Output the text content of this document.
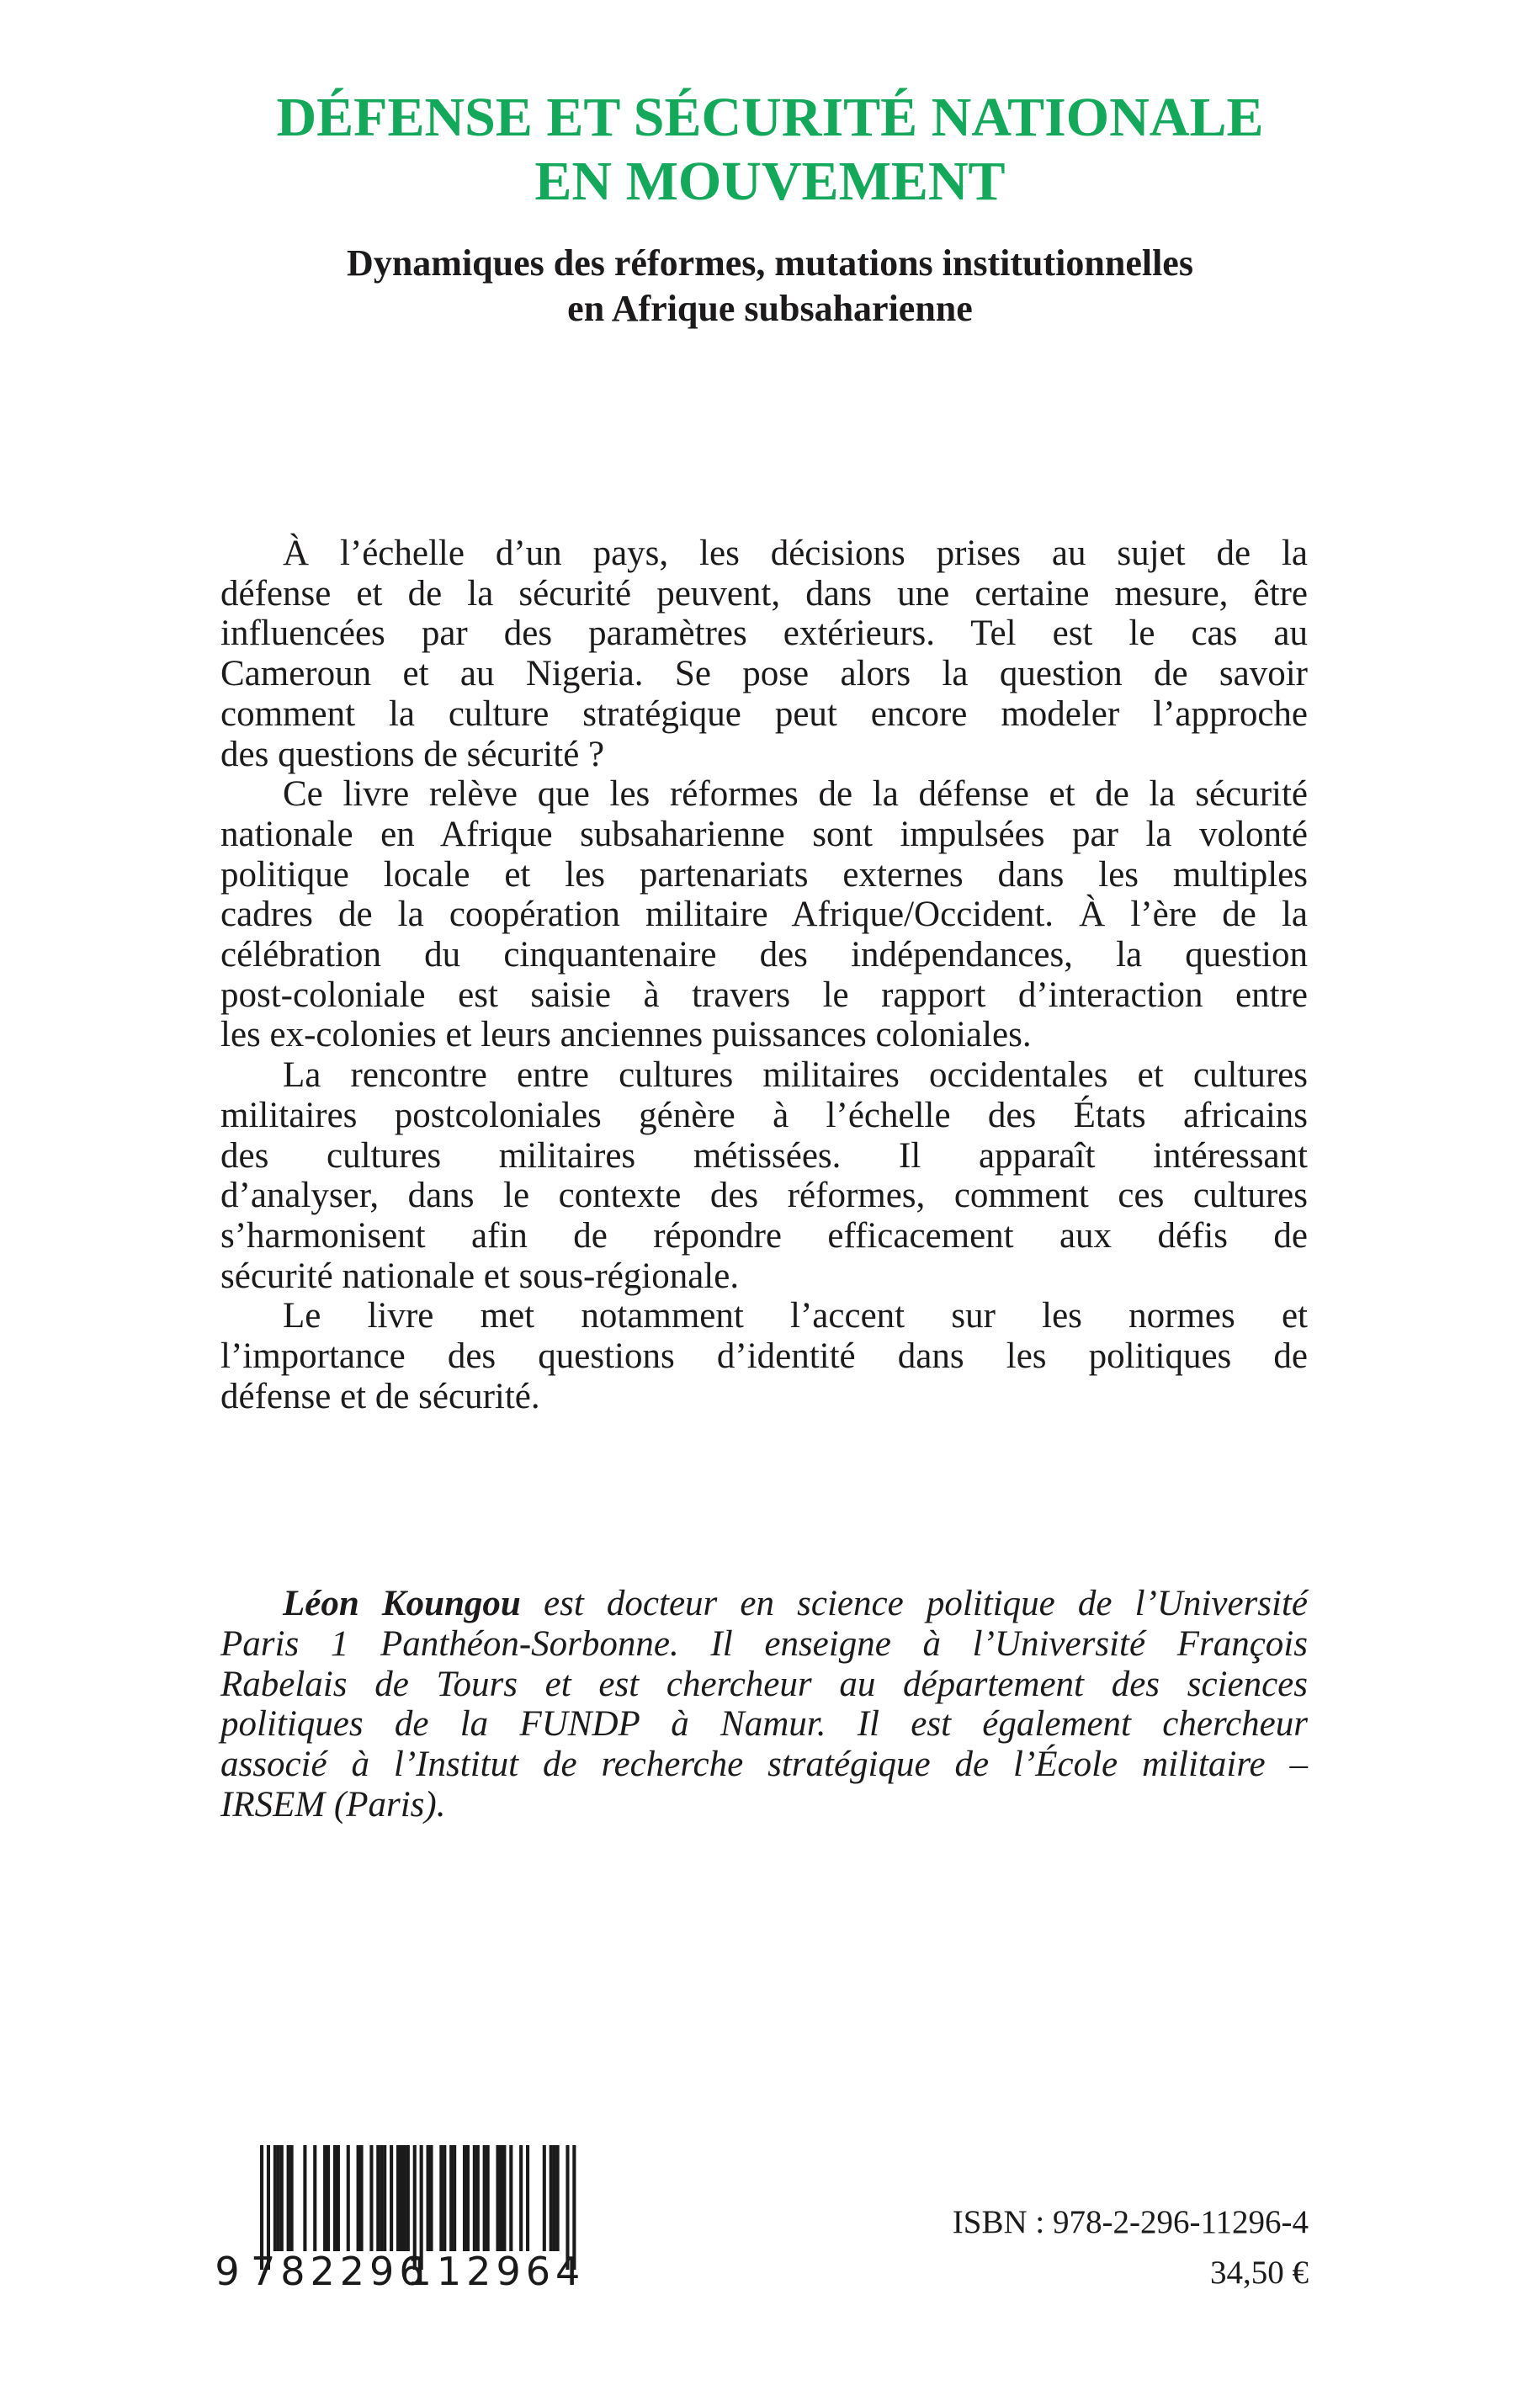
DÉFENSE ET SÉCURITÉ NATIONALE
EN MOUVEMENT
Dynamiques des réformes, mutations institutionnelles
en Afrique subsaharienne
À l’échelle d’un pays, les décisions prises au sujet de la
défense et de la sécurité peuvent, dans une certaine mesure, être
influencées par des paramètres extérieurs. Tel est le cas au
Cameroun et au Nigeria. Se pose alors la question de savoir
comment la culture stratégique peut encore modeler l’approche
des questions de sécurité ?
Ce livre relève que les réformes de la défense et de la sécurité
nationale en Afrique subsaharienne sont impulsées par la volonté
politique locale et les partenariats externes dans les multiples
cadres de la coopération militaire Afrique/Occident. À l’ère de la
célébration du cinquantenaire des indépendances, la question
post-coloniale est saisie à travers le rapport d’interaction entre
les ex-colonies et leurs anciennes puissances coloniales.
La rencontre entre cultures militaires occidentales et cultures
militaires postcoloniales génère à l’échelle des États africains
des cultures militaires métissées. Il apparaît intéressant
d’analyser, dans le contexte des réformes, comment ces cultures
s’harmonisent afin de répondre efficacement aux défis de
sécurité nationale et sous-régionale.
Le livre met notamment l’accent sur les normes et
l’importance des questions d’identité dans les politiques de
défense et de sécurité.
Léon Koungou est docteur en science politique de l’Université
Paris 1 Panthéon-Sorbonne. Il enseigne à l’Université François
Rabelais de Tours et est chercheur au département des sciences
politiques de la FUNDP à Namur. Il est également chercheur
associé à l’Institut de recherche stratégique de l’École militaire –
IRSEM (Paris).
9 782296
112964
ISBN : 978-2-296-11296-4
34,50 €
